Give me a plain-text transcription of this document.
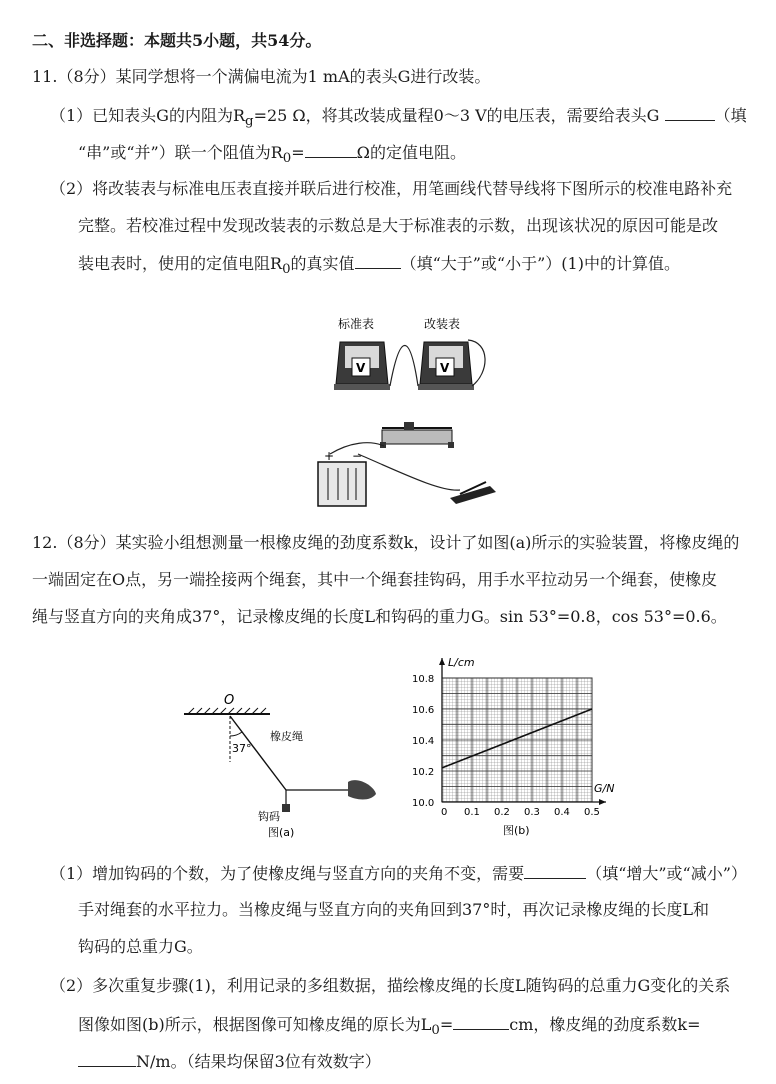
二、非选择题：本题共5小题，共54分。
11.（8分）某同学想将一个满偏电流为1 mA的表头G进行改装。
（1）已知表头G的内阻为$R_g=25$ Ω，将其改装成量程0～3 V的电压表，需要给表头G	（填
“串”或“并”）联一个阻值为$R_0=$	Ω的定值电阻。
（2）将改装表与标准电压表直接并联后进行校准，用笔画线代替导线将下图所示的校准电路补充
完整。若校准过程中发现改装表的示数总是大于标准表的示数，出现该状况的原因可能是改
装电表时，使用的定值电阻$R_0$的真实值	（填“大于”或“小于”）(1)中的计算值。
标准表	改装表
V	V
+ −
12.（8分）某实验小组想测量一根橡皮绳的劲度系数k，设计了如图(a)所示的实验装置，将橡皮绳的
一端固定在O点，另一端拴接两个绳套，其中一个绳套挂钩码，用手水平拉动另一个绳套，使橡皮
绳与竖直方向的夹角成37°，记录橡皮绳的长度L和钩码的重力G。sin 53°=0.8，cos 53°=0.6。
O
37°
橡皮绳
钩码
图(a)
L/cm
G/N
0 0.1 0.2 0.3 0.4 0.5
10.0
10.2
10.4
10.6
10.8
图(b)
（1）增加钩码的个数，为了使橡皮绳与竖直方向的夹角不变，需要	（填“增大”或“减小”）
手对绳套的水平拉力。当橡皮绳与竖直方向的夹角回到37°时，再次记录橡皮绳的长度L和
钩码的总重力G。
（2）多次重复步骤(1)，利用记录的多组数据，描绘橡皮绳的长度L随钩码的总重力G变化的关系
图像如图(b)所示，根据图像可知橡皮绳的原长为$L_0=$	cm，橡皮绳的劲度系数k=
N/m。（结果均保留3位有效数字）
